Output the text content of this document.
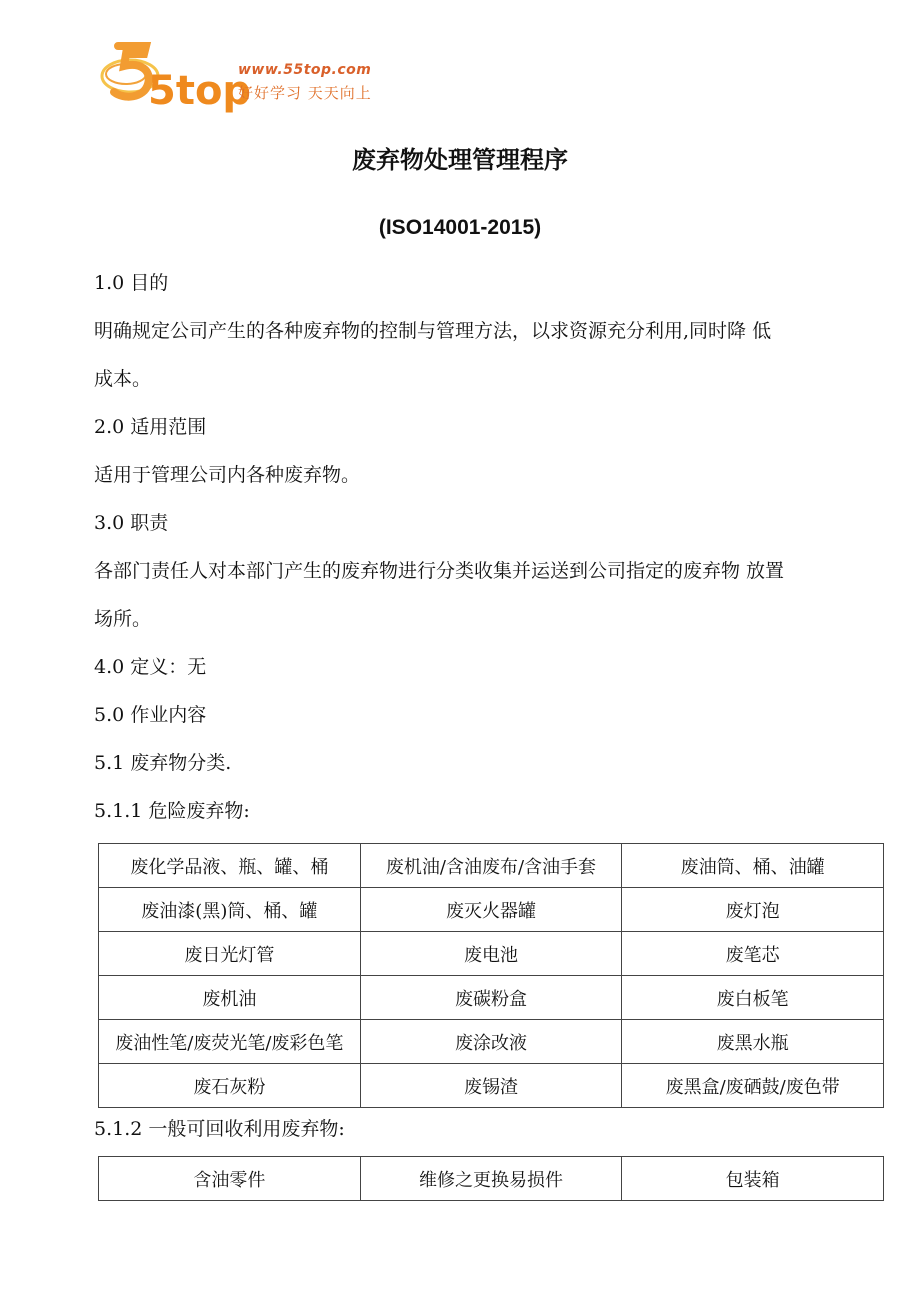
5top
www.55top.com
好好学习 天天向上
废弃物处理管理程序
(ISO14001-2015)
1.0 目的
明确规定公司产生的各种废弃物的控制与管理方法，以求资源充分利用,同时降 低
成本。
2.0 适用范围
适用于管理公司内各种废弃物。
3.0 职责
各部门责任人对本部门产生的废弃物进行分类收集并运送到公司指定的废弃物 放置
场所。
4.0 定义：无
5.0 作业内容
5.1 废弃物分类.
5.1.1 危险废弃物:
废化学品液、瓶、罐、桶	废机油/含油废布/含油手套	废油筒、桶、油罐
废油漆(黑)筒、桶、罐	废灭火器罐	废灯泡
废日光灯管	废电池	废笔芯
废机油	废碳粉盒	废白板笔
废油性笔/废荧光笔/废彩色笔	废涂改液	废黑水瓶
废石灰粉	废锡渣	废黑盒/废硒鼓/废色带
5.1.2 一般可回收利用废弃物:
含油零件	维修之更换易损件	包装箱
